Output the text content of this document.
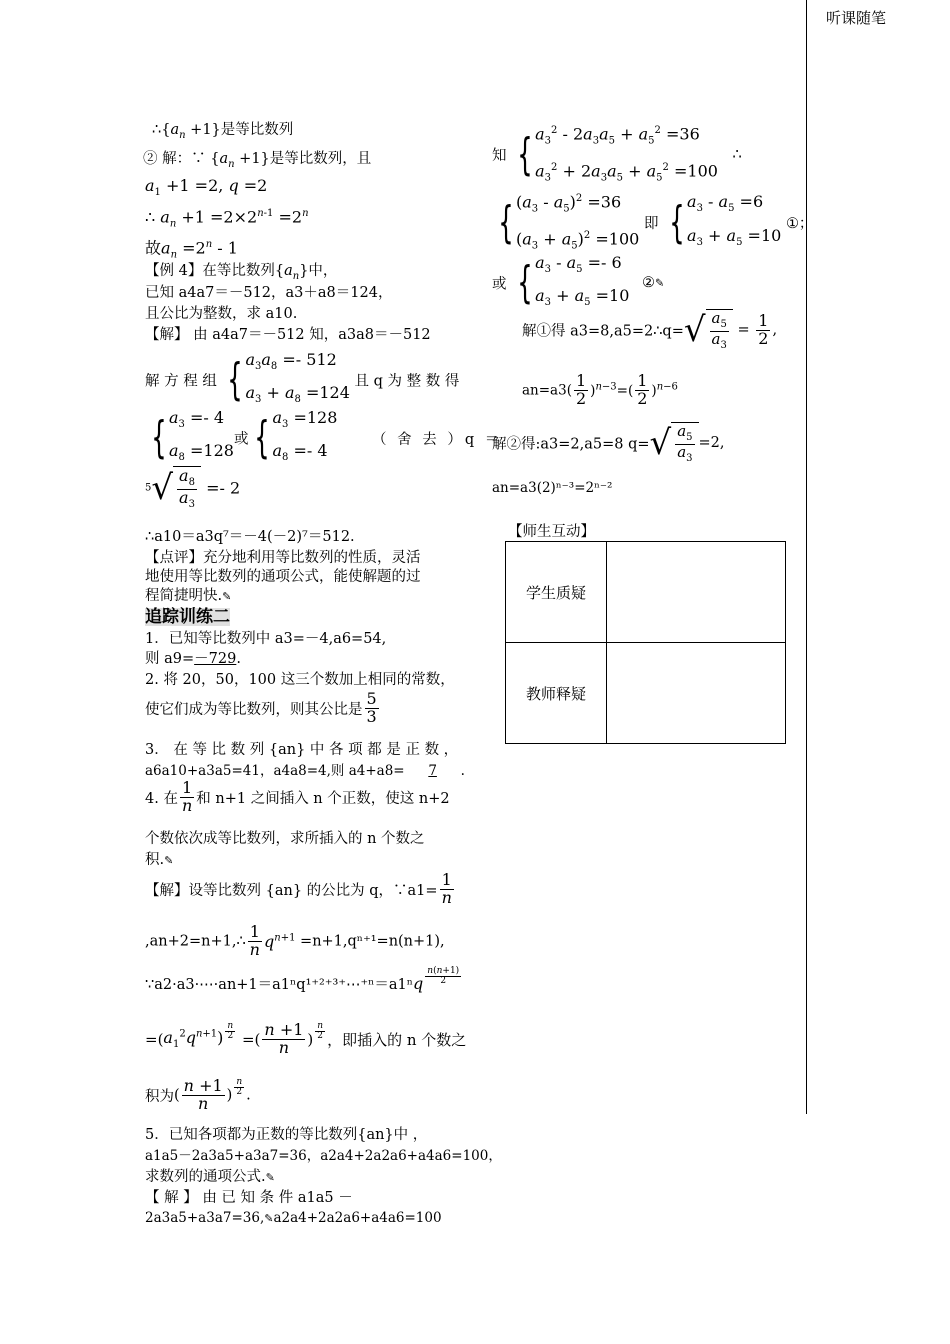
听课随笔
$\therefore\{a_n +1\}$是等比数列
② 解：∵ $\{a_n +1\}$是等比数列，且
$a_1 +1 =2$, q =2
∴ $a_n +1 =2\times 2^{n-1} =2^n$
故$a_n =2^n - 1$
【例 4】在等比数列$\{a_n\}$中，
已知 a4a7＝－512，a3＋a8＝124，
且公比为整数，求 a10.
【解】 由 a4a7＝－512 知，a3a8＝－512
解 方 程 组 { $a_3a_8 =- 512$
$a_3 + a_8 =124$ 且 q 为 整 数 得
{ $a_3 =- 4$
$a_8 =128$或 { $a_3 =128$
$a_8 =- 4$ （ 舍 去 ）q ＝
$5√ \frac{a_8}{a_3} =- 2$
∴a10＝a3q⁷＝－4(－2)⁷＝512.
【点评】充分地利用等比数列的性质，灵活
地使用等比数列的通项公式，能使解题的过
程简捷明快.✎
追踪训练二
1．已知等比数列中 a3=－4,a6=54,
则 a9=－729.
2. 将 20，50，100 这三个数加上相同的常数，
使它们成为等比数列，则其公比是 $\frac{5}{3}$
3． 在 等 比 数 列 {an} 中 各 项 都 是 正 数 ，
a6a10+a3a5=41，a4a8=4,则 a4+a8= 7 .
4. 在 $\frac{1}{n}$ 和 n+1 之间插入 n 个正数，使这 n+2
个数依次成等比数列，求所插入的 n 个数之
积.✎
【解】设等比数列 {an} 的公比为 q，∵a1= $\frac{1}{n}$
,an+2=n+1,∴ $\frac{1}{n} q^{n+1} =n+1,q^{n+1}=n(n+1)$,
∵a2·a3·⋯·an+1＝a1ⁿq¹⁺²⁺³⁺⋯⁺ⁿ＝a1ⁿq $\frac{n(n+1)}{2}$
$=(a_1^2q^{n+1}) \frac{n}{2}$ =( $\frac{n +1}{n}$ ) $\frac{n}{2}$ ，即插入的 n 个数之
积为( $\frac{n +1}{n}$ ) $\frac{n}{2}$ .
5．已知各项都为正数的等比数列{an}中 ，
a1a5－2a3a5+a3a7=36，a2a4+2a2a6+a4a6=100，
求数列的通项公式.✎
【 解 】 由 已 知 条 件 a1a5 －
2a3a5+a3a7=36,✎a2a4+2a2a6+a4a6=100
知 { $a_3^2 - 2a_3a_5 + a_5^2 =36$
$a_3^2 + 2a_3a_5 + a_5^2 =100$ ∴
{ $(a_3 - a_5)^2 =36$
$(a_3 + a_5)^2 =100$ 即 { $a_3 - a_5 =6$
$a_3 + a_5 =10$ ①；
或 { $a_3 - a_5 =- 6$
$a_3 + a_5 =10$ ②✎
解①得 a3=8,a5=2∴q=√ $\frac{a_5}{a_3} = \frac{1}{2}$ ,
$an=a3( \frac{1}{2} )^{n-3}=( \frac{1}{2} )^{n-6}$
解②得:a3=2,a5=8 $q=√ \frac{a_5}{a_3} =2$,
an=a3(2)ⁿ⁻³=2ⁿ⁻²
【师生互动】
学生质疑	
教师释疑	
